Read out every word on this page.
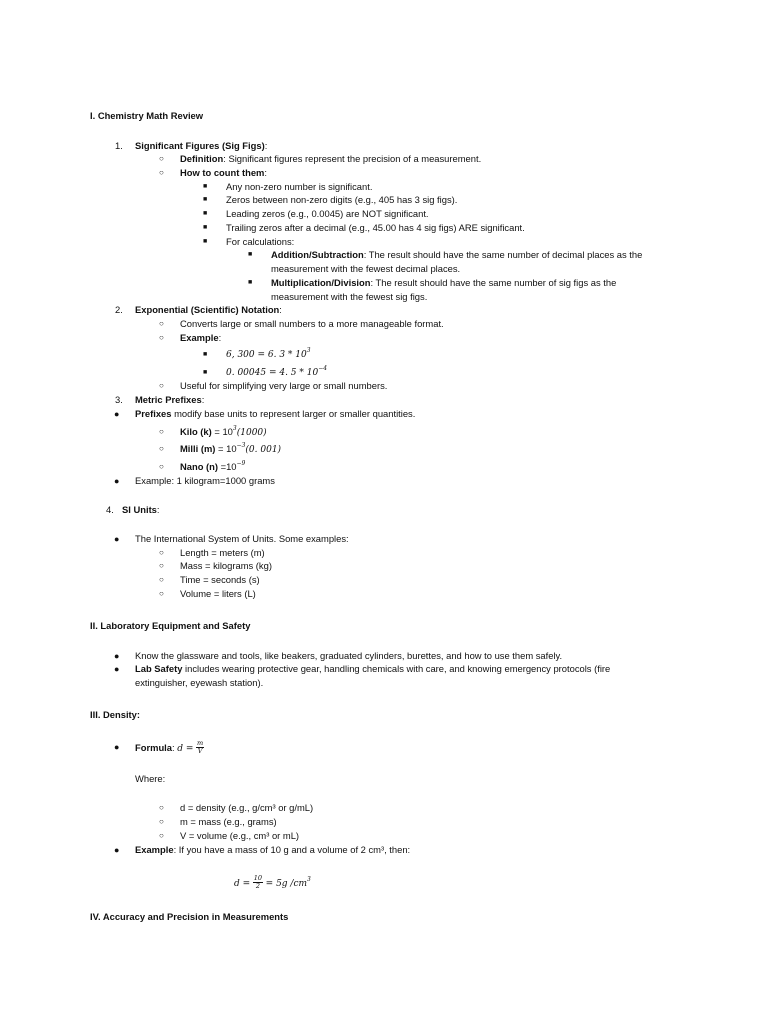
I. Chemistry Math Review
1. Significant Figures (Sig Figs):
○ Definition: Significant figures represent the precision of a measurement.
○ How to count them:
■ Any non-zero number is significant.
■ Zeros between non-zero digits (e.g., 405 has 3 sig figs).
■ Leading zeros (e.g., 0.0045) are NOT significant.
■ Trailing zeros after a decimal (e.g., 45.00 has 4 sig figs) ARE significant.
■ For calculations:
■ Addition/Subtraction: The result should have the same number of decimal places as the
measurement with the fewest decimal places.
■ Multiplication/Division: The result should have the same number of sig figs as the
measurement with the fewest sig figs.
2. Exponential (Scientific) Notation:
○ Converts large or small numbers to a more manageable format.
○ Example:
■ 6, 300 = 6. $3 * 10^3$
■ 0. 00045 = 4. $5 * 10^{-4}$
○ Useful for simplifying very large or small numbers.
3. Metric Prefixes:
● Prefixes modify base units to represent larger or smaller quantities.
○ Kilo $(k) = 10^3(1000)$
○ Milli $(m) = 10^{-3}(0$. 001)
○ Nano $(n) =10^{-9}$
● Example: 1 kilogram=1000 grams
4. SI Units:
● The International System of Units. Some examples:
○ Length = meters (m)
○ Mass = kilograms (kg)
○ Time = seconds (s)
○ Volume = liters (L)
II. Laboratory Equipment and Safety
● Know the glassware and tools, like beakers, graduated cylinders, burettes, and how to use them safely.
● Lab Safety includes wearing protective gear, handling chemicals with care, and knowing emergency protocols (fire
extinguisher, eyewash station).
III. Density:
● Formula: $d = \frac{m}{V}$
Where:
○ d = density (e.g., g/cm³ or g/mL)
○ m = mass (e.g., grams)
○ V = volume (e.g., cm³ or mL)
● Example: If you have a mass of 10 g and a volume of 2 cm³, then:
$d = \frac{10}{2} = 5g$ $/cm^3$
IV. Accuracy and Precision in Measurements
